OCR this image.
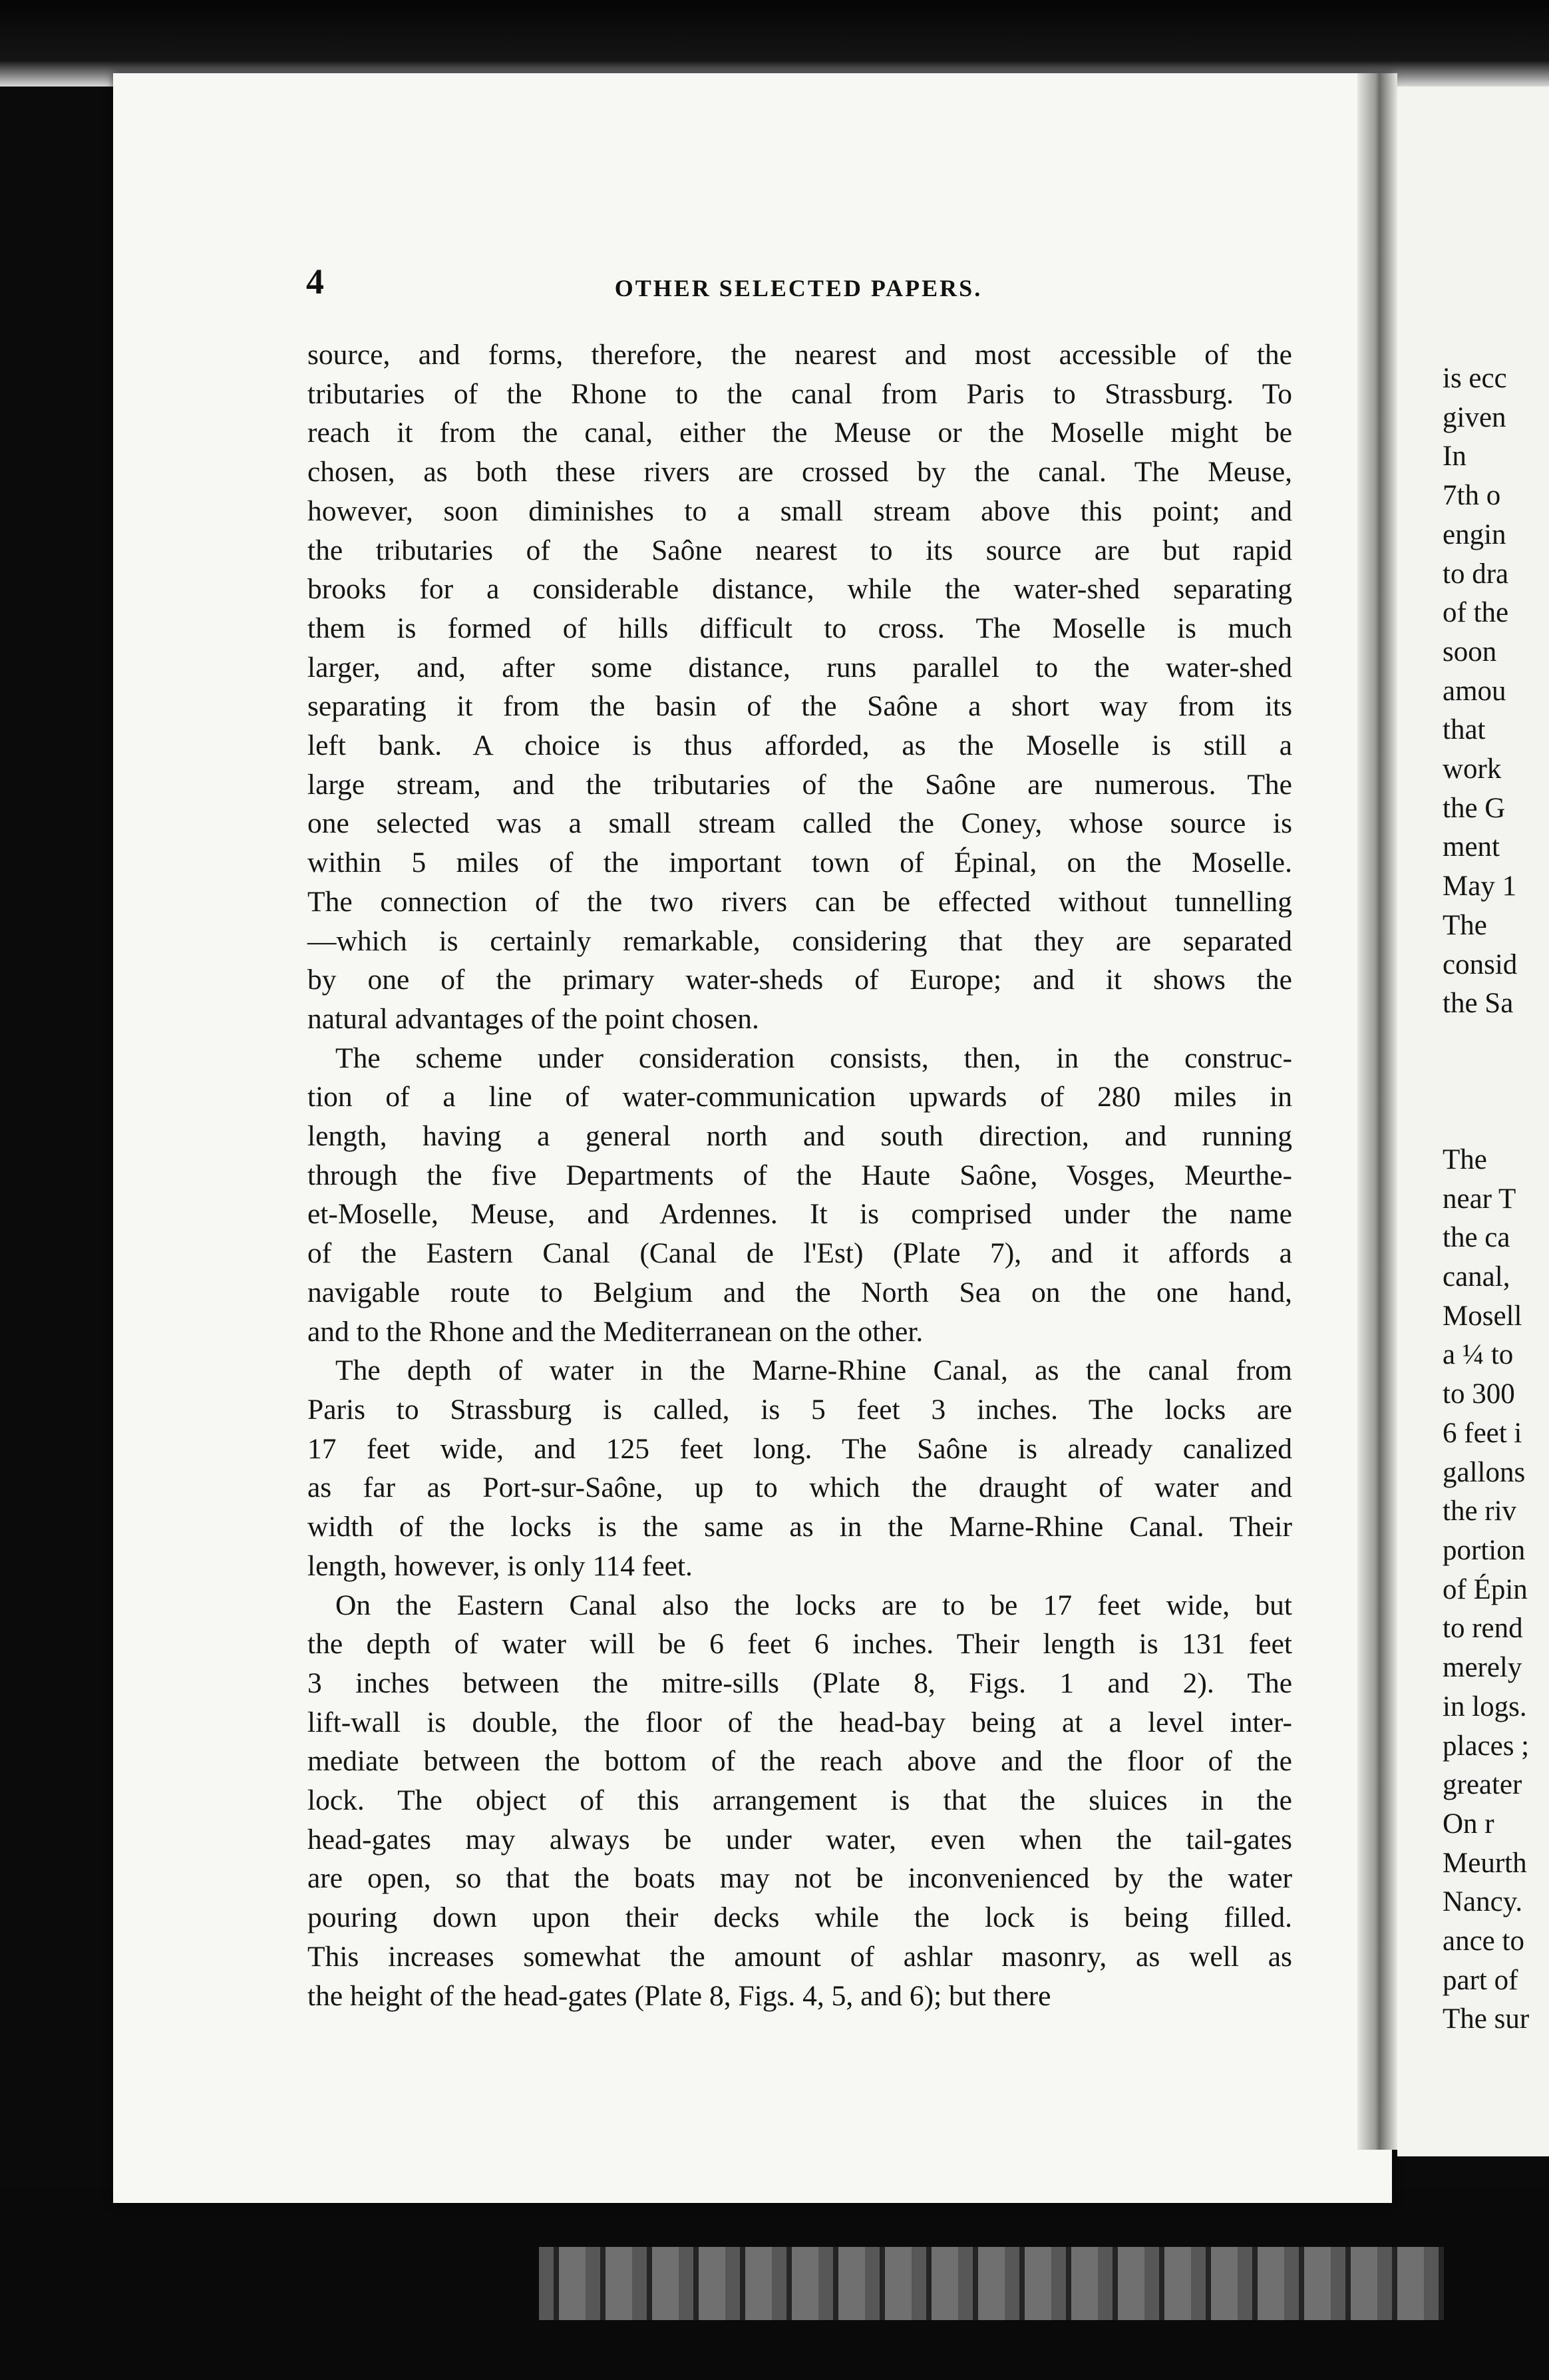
4	OTHER SELECTED PAPERS.
source, and forms, therefore, the nearest and most accessible of the
tributaries of the Rhone to the canal from Paris to Strassburg. To
reach it from the canal, either the Meuse or the Moselle might be
chosen, as both these rivers are crossed by the canal. The Meuse,
however, soon diminishes to a small stream above this point; and
the tributaries of the Saône nearest to its source are but rapid
brooks for a considerable distance, while the water-shed separating
them is formed of hills difficult to cross. The Moselle is much
larger, and, after some distance, runs parallel to the water-shed
separating it from the basin of the Saône a short way from its
left bank. A choice is thus afforded, as the Moselle is still a
large stream, and the tributaries of the Saône are numerous. The
one selected was a small stream called the Coney, whose source is
within 5 miles of the important town of Épinal, on the Moselle.
The connection of the two rivers can be effected without tunnelling
—which is certainly remarkable, considering that they are separated
by one of the primary water-sheds of Europe; and it shows the
natural advantages of the point chosen.
The scheme under consideration consists, then, in the construc-
tion of a line of water-communication upwards of 280 miles in
length, having a general north and south direction, and running
through the five Departments of the Haute Saône, Vosges, Meurthe-
et-Moselle, Meuse, and Ardennes. It is comprised under the name
of the Eastern Canal (Canal de l'Est) (Plate 7), and it affords a
navigable route to Belgium and the North Sea on the one hand,
and to the Rhone and the Mediterranean on the other.
The depth of water in the Marne-Rhine Canal, as the canal from
Paris to Strassburg is called, is 5 feet 3 inches. The locks are
17 feet wide, and 125 feet long. The Saône is already canalized
as far as Port-sur-Saône, up to which the draught of water and
width of the locks is the same as in the Marne-Rhine Canal. Their
length, however, is only 114 feet.
On the Eastern Canal also the locks are to be 17 feet wide, but
the depth of water will be 6 feet 6 inches. Their length is 131 feet
3 inches between the mitre-sills (Plate 8, Figs. 1 and 2). The
lift-wall is double, the floor of the head-bay being at a level inter-
mediate between the bottom of the reach above and the floor of the
lock. The object of this arrangement is that the sluices in the
head-gates may always be under water, even when the tail-gates
are open, so that the boats may not be inconvenienced by the water
pouring down upon their decks while the lock is being filled.
This increases somewhat the amount of ashlar masonry, as well as
the height of the head-gates (Plate 8, Figs. 4, 5, and 6); but there
is ecc
given
In
7th o
engin
to dra
of the
soon
amou
that
work
the G
ment
May 1
The
consid
the Sa
The
near T
the ca
canal,
Mosell
a ¼ to
to 300
6 feet i
gallons
the riv
portion
of Épin
to rend
merely
in logs.
places ;
greater
On r
Meurth
Nancy.
ance to
part of
The sur
